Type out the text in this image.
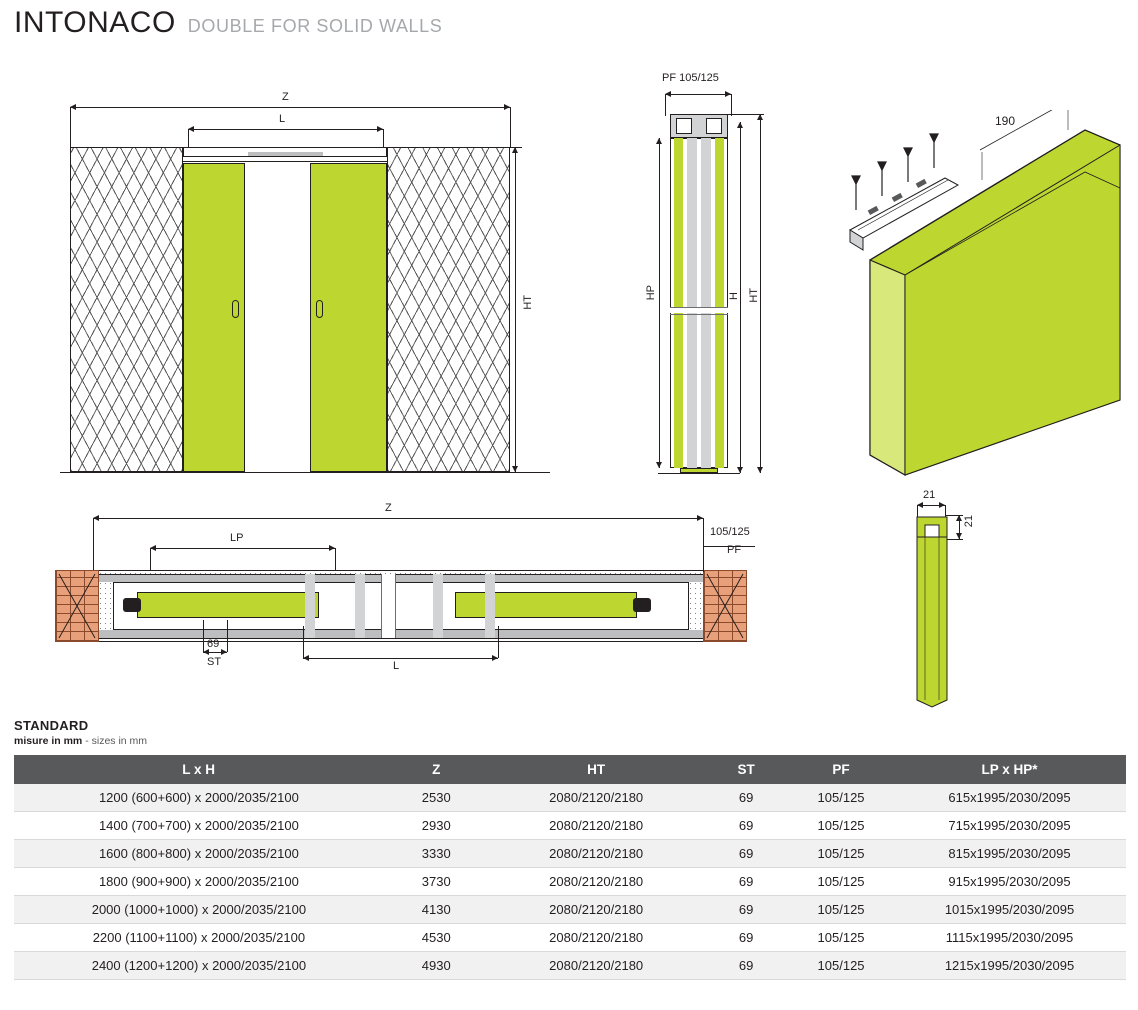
INTONACO DOUBLE FOR SOLID WALLS
Z
L
HT
PF 105/125
HP	H HT
190
Z
LP
69
ST	L
105/125
PF
21
21
STANDARD
misure in mm - sizes in mm
L x H	Z	HT	ST	PF	LP x HP*
1200 (600+600) x 2000/2035/2100	2530	2080/2120/2180	69	105/125	615x1995/2030/2095
1400 (700+700) x 2000/2035/2100	2930	2080/2120/2180	69	105/125	715x1995/2030/2095
1600 (800+800) x 2000/2035/2100	3330	2080/2120/2180	69	105/125	815x1995/2030/2095
1800 (900+900) x 2000/2035/2100	3730	2080/2120/2180	69	105/125	915x1995/2030/2095
2000 (1000+1000) x 2000/2035/2100	4130	2080/2120/2180	69	105/125	1015x1995/2030/2095
2200 (1100+1100) x 2000/2035/2100	4530	2080/2120/2180	69	105/125	1115x1995/2030/2095
2400 (1200+1200) x 2000/2035/2100	4930	2080/2120/2180	69	105/125	1215x1995/2030/2095
